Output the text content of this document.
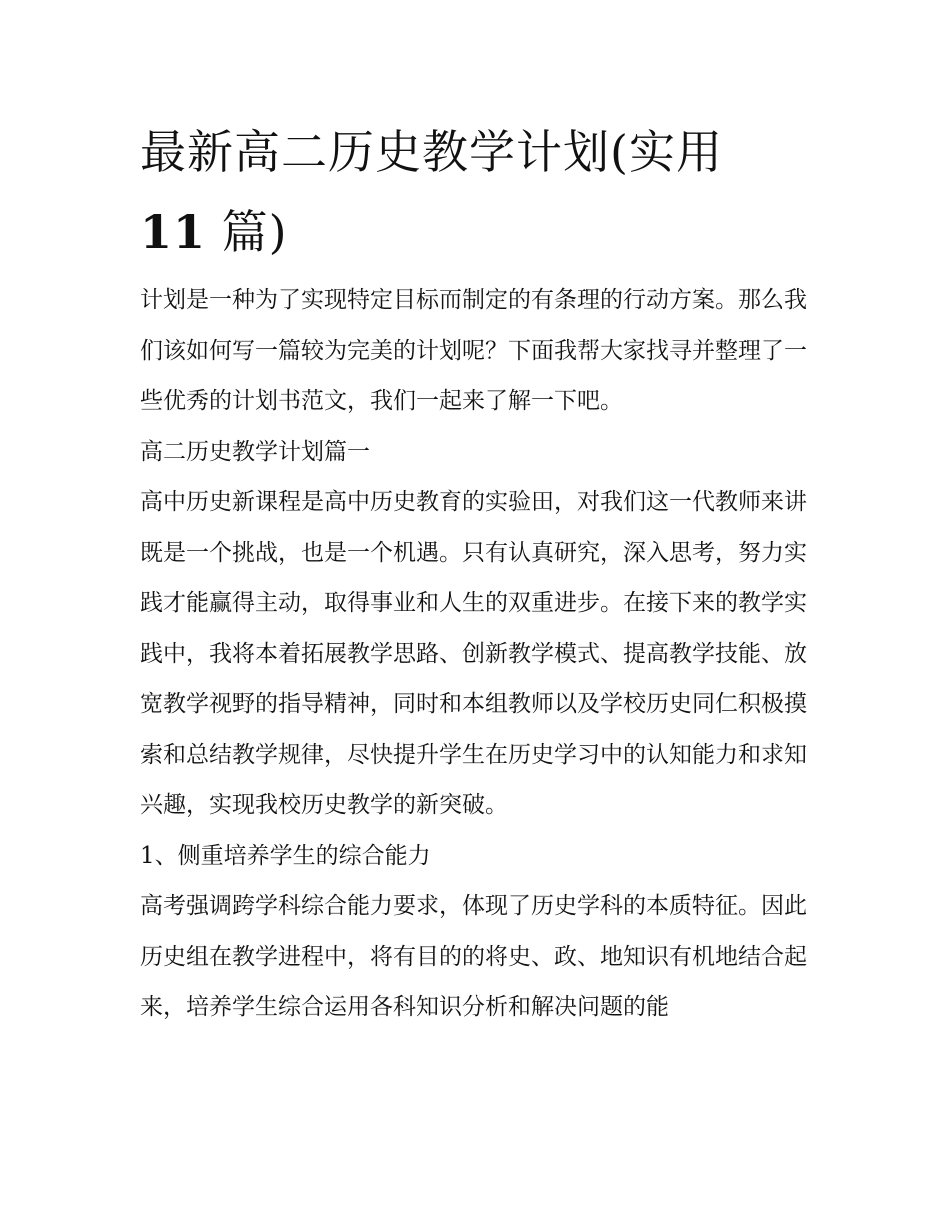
最新高二历史教学计划(实用
11 篇)

计划是一种为了实现特定目标而制定的有条理的行动方案。那么我们该如何写一篇较为完美的计划呢？下面我帮大家找寻并整理了一些优秀的计划书范文，我们一起来了解一下吧。

高二历史教学计划篇一

高中历史新课程是高中历史教育的实验田，对我们这一代教师来讲既是一个挑战，也是一个机遇。只有认真研究，深入思考，努力实践才能赢得主动，取得事业和人生的双重进步。在接下来的教学实践中，我将本着拓展教学思路、创新教学模式、提高教学技能、放宽教学视野的指导精神，同时和本组教师以及学校历史同仁积极摸索和总结教学规律，尽快提升学生在历史学习中的认知能力和求知兴趣，实现我校历史教学的新突破。

1、侧重培养学生的综合能力

高考强调跨学科综合能力要求，体现了历史学科的本质特征。因此历史组在教学进程中，将有目的的将史、政、地知识有机地结合起来，培养学生综合运用各科知识分析和解决问题的能
